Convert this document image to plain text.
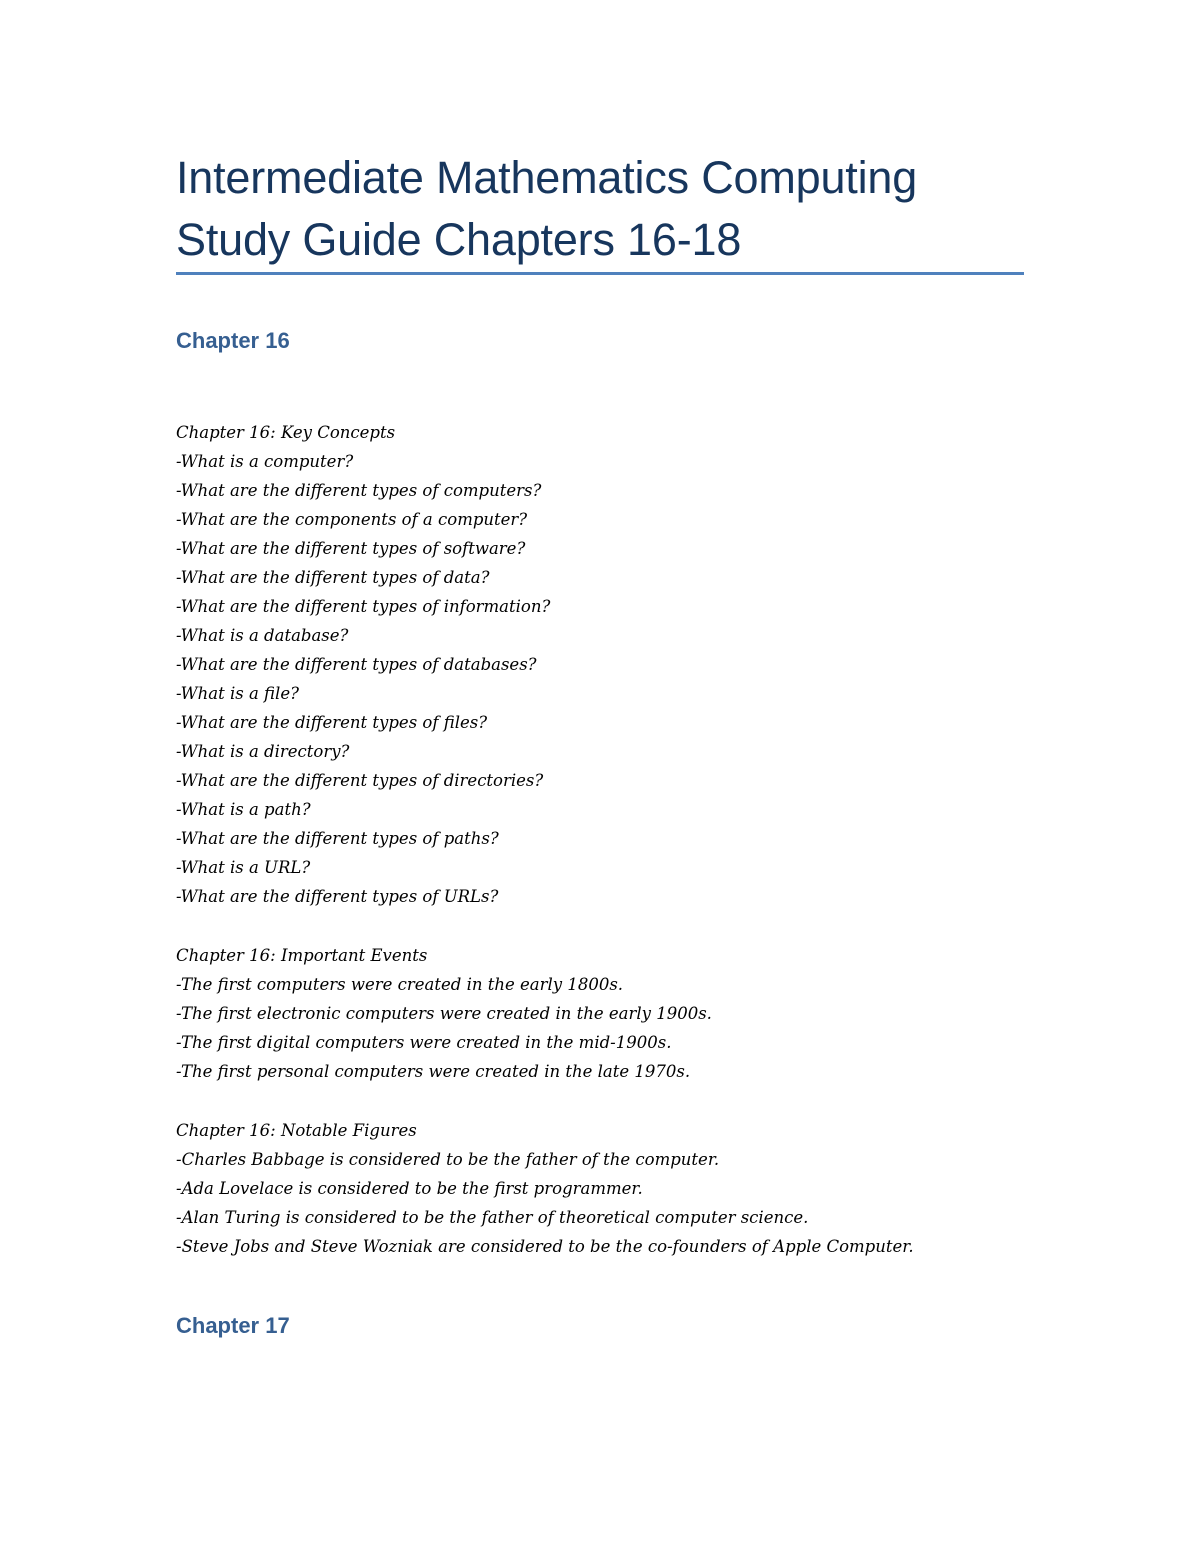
Intermediate Mathematics Computing
Study Guide Chapters 16-18
Chapter 16
Chapter 16: Key Concepts
-What is a computer?
-What are the different types of computers?
-What are the components of a computer?
-What are the different types of software?
-What are the different types of data?
-What are the different types of information?
-What is a database?
-What are the different types of databases?
-What is a file?
-What are the different types of files?
-What is a directory?
-What are the different types of directories?
-What is a path?
-What are the different types of paths?
-What is a URL?
-What are the different types of URLs?
Chapter 16: Important Events
-The first computers were created in the early 1800s.
-The first electronic computers were created in the early 1900s.
-The first digital computers were created in the mid-1900s.
-The first personal computers were created in the late 1970s.
Chapter 16: Notable Figures
-Charles Babbage is considered to be the father of the computer.
-Ada Lovelace is considered to be the first programmer.
-Alan Turing is considered to be the father of theoretical computer science.
-Steve Jobs and Steve Wozniak are considered to be the co-founders of Apple Computer.
Chapter 17
